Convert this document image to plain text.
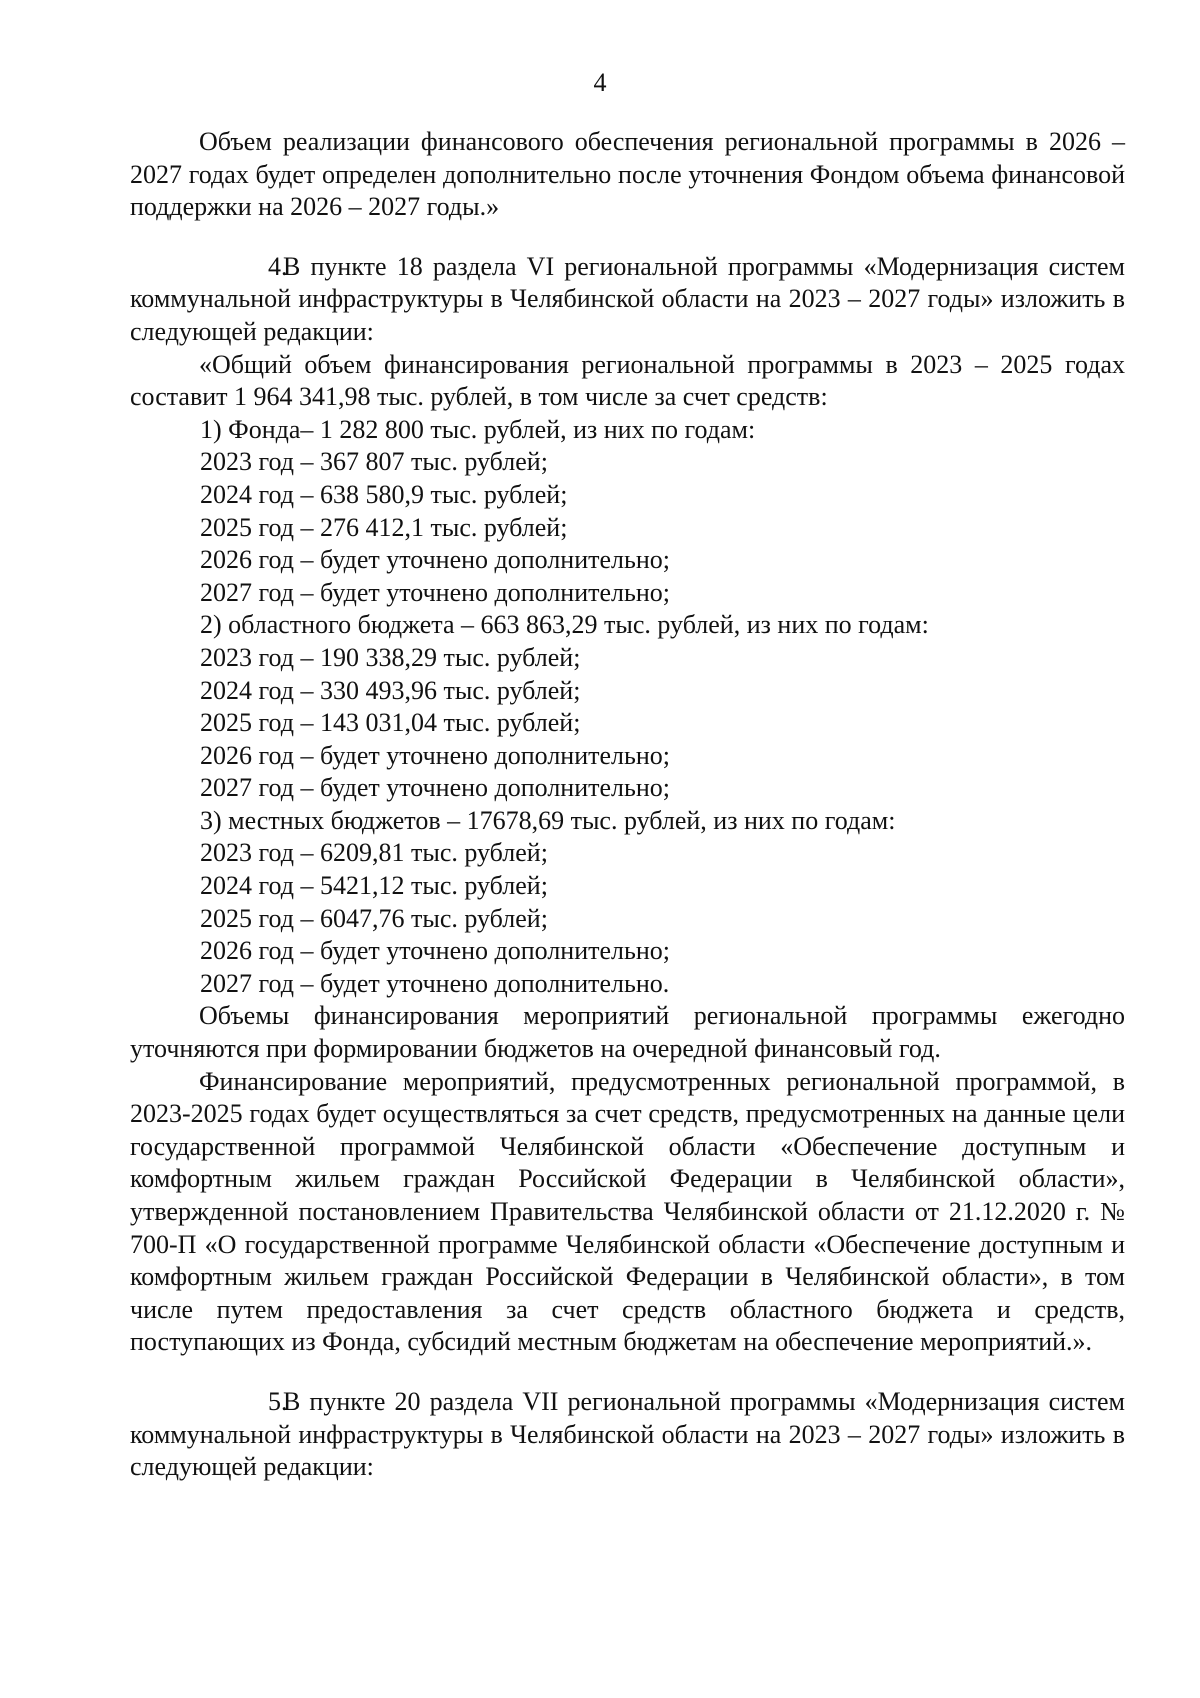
4

Объем реализации финансового обеспечения региональной программы в 2026 – 2027 годах будет определен дополнительно после уточнения Фондом объема финансовой поддержки на 2026 – 2027 годы.»

4.В пункте 18 раздела VI региональной программы «Модернизация систем коммунальной инфраструктуры в Челябинской области на 2023 – 2027 годы» изложить в следующей редакции:

«Общий объем финансирования региональной программы в 2023 – 2025 годах составит 1 964 341,98 тыс. рублей, в том числе за счет средств:

1) Фонда– 1 282 800 тыс. рублей, из них по годам:
2023 год – 367 807 тыс. рублей;
2024 год – 638 580,9 тыс. рублей;
2025 год – 276 412,1 тыс. рублей;
2026 год – будет уточнено дополнительно;
2027 год – будет уточнено дополнительно;
2) областного бюджета – 663 863,29 тыс. рублей, из них по годам:
2023 год – 190 338,29 тыс. рублей;
2024 год – 330 493,96 тыс. рублей;
2025 год – 143 031,04 тыс. рублей;
2026 год – будет уточнено дополнительно;
2027 год – будет уточнено дополнительно;
3) местных бюджетов – 17678,69 тыс. рублей, из них по годам:
2023 год – 6209,81 тыс. рублей;
2024 год – 5421,12 тыс. рублей;
2025 год – 6047,76 тыс. рублей;
2026 год – будет уточнено дополнительно;
2027 год – будет уточнено дополнительно.

Объемы финансирования мероприятий региональной программы ежегодно уточняются при формировании бюджетов на очередной финансовый год.

Финансирование мероприятий, предусмотренных региональной программой, в 2023-2025 годах будет осуществляться за счет средств, предусмотренных на данные цели государственной программой Челябинской области «Обеспечение доступным и комфортным жильем граждан Российской Федерации в Челябинской области», утвержденной постановлением Правительства Челябинской области от 21.12.2020 г. № 700-П «О государственной программе Челябинской области «Обеспечение доступным и комфортным жильем граждан Российской Федерации в Челябинской области», в том числе путем предоставления за счет средств областного бюджета и средств, поступающих из Фонда, субсидий местным бюджетам на обеспечение мероприятий.».

5.В пункте 20 раздела VII региональной программы «Модернизация систем коммунальной инфраструктуры в Челябинской области на 2023 – 2027 годы» изложить в следующей редакции:
